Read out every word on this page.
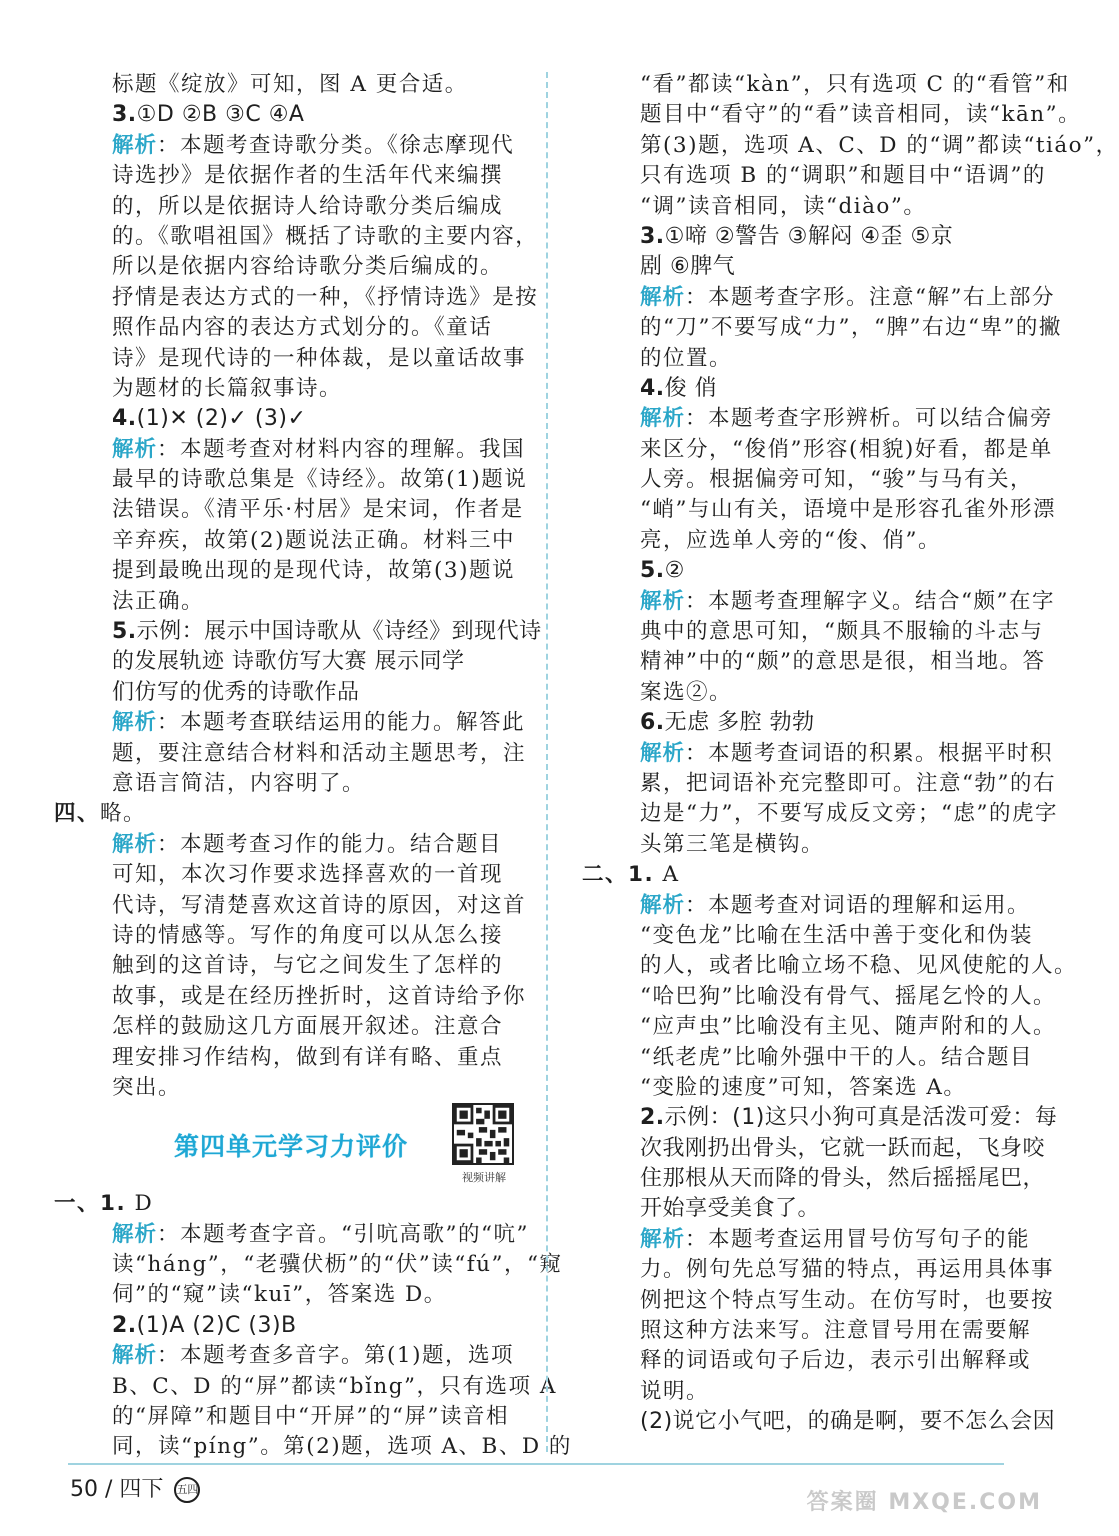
标题《绽放》可知，图 A 更合适。
3.①D ②B ③C ④A
解析：本题考查诗歌分类。《徐志摩现代
诗选抄》是依据作者的生活年代来编撰
的，所以是依据诗人给诗歌分类后编成
的。《歌唱祖国》概括了诗歌的主要内容，
所以是依据内容给诗歌分类后编成的。
抒情是表达方式的一种，《抒情诗选》是按
照作品内容的表达方式划分的。《童话
诗》是现代诗的一种体裁，是以童话故事
为题材的长篇叙事诗。
4.(1)✕ (2)✓ (3)✓
解析：本题考查对材料内容的理解。我国
最早的诗歌总集是《诗经》。故第(1)题说
法错误。《清平乐·村居》是宋词，作者是
辛弃疾，故第(2)题说法正确。材料三中
提到最晚出现的是现代诗，故第(3)题说
法正确。
5.示例：展示中国诗歌从《诗经》到现代诗
的发展轨迹 诗歌仿写大赛 展示同学
们仿写的优秀的诗歌作品
解析：本题考查联结运用的能力。解答此
题，要注意结合材料和活动主题思考，注
意语言简洁，内容明了。
四、略。
解析：本题考查习作的能力。结合题目
可知，本次习作要求选择喜欢的一首现
代诗，写清楚喜欢这首诗的原因，对这首
诗的情感等。写作的角度可以从怎么接
触到的这首诗，与它之间发生了怎样的
故事，或是在经历挫折时，这首诗给予你
怎样的鼓励这几方面展开叙述。注意合
理安排习作结构，做到有详有略、重点
突出。
第四单元学习力评价
视频讲解
一、1. D
解析：本题考查字音。“引吭高歌”的“吭”
读“háng”，“老骥伏枥”的“伏”读“fú”，“窥
伺”的“窥”读“kuī”，答案选 D。
2.(1)A (2)C (3)B
解析：本题考查多音字。第(1)题，选项
B、C、D 的“屏”都读“bǐng”，只有选项 A
的“屏障”和题目中“开屏”的“屏”读音相
同，读“píng”。第(2)题，选项 A、B、D 的
“看”都读“kàn”，只有选项 C 的“看管”和
题目中“看守”的“看”读音相同，读“kān”。
第(3)题，选项 A、C、D 的“调”都读“tiáo”，
只有选项 B 的“调职”和题目中“语调”的
“调”读音相同，读“diào”。
3.①啼 ②警告 ③解闷 ④歪 ⑤京
剧 ⑥脾气
解析：本题考查字形。注意“解”右上部分
的“刀”不要写成“力”，“脾”右边“卑”的撇
的位置。
4.俊 俏
解析：本题考查字形辨析。可以结合偏旁
来区分，“俊俏”形容(相貌)好看，都是单
人旁。根据偏旁可知，“骏”与马有关，
“峭”与山有关，语境中是形容孔雀外形漂
亮，应选单人旁的“俊、俏”。
5.②
解析：本题考查理解字义。结合“颇”在字
典中的意思可知，“颇具不服输的斗志与
精神”中的“颇”的意思是很，相当地。答
案选②。
6.无虑 多腔 勃勃
解析：本题考查词语的积累。根据平时积
累，把词语补充完整即可。注意“勃”的右
边是“力”，不要写成反文旁；“虑”的虎字
头第三笔是横钩。
二、1. A
解析：本题考查对词语的理解和运用。
“变色龙”比喻在生活中善于变化和伪装
的人，或者比喻立场不稳、见风使舵的人。
“哈巴狗”比喻没有骨气、摇尾乞怜的人。
“应声虫”比喻没有主见、随声附和的人。
“纸老虎”比喻外强中干的人。结合题目
“变脸的速度”可知，答案选 A。
2.示例：(1)这只小狗可真是活泼可爱：每
次我刚扔出骨头，它就一跃而起，飞身咬
住那根从天而降的骨头，然后摇摇尾巴，
开始享受美食了。
解析：本题考查运用冒号仿写句子的能
力。例句先总写猫的特点，再运用具体事
例把这个特点写生动。在仿写时，也要按
照这种方法来写。注意冒号用在需要解
释的词语或句子后边，表示引出解释或
说明。
(2)说它小气吧，的确是啊，要不怎么会因
50 / 四下 五四
答案圈 MXQE.COM
